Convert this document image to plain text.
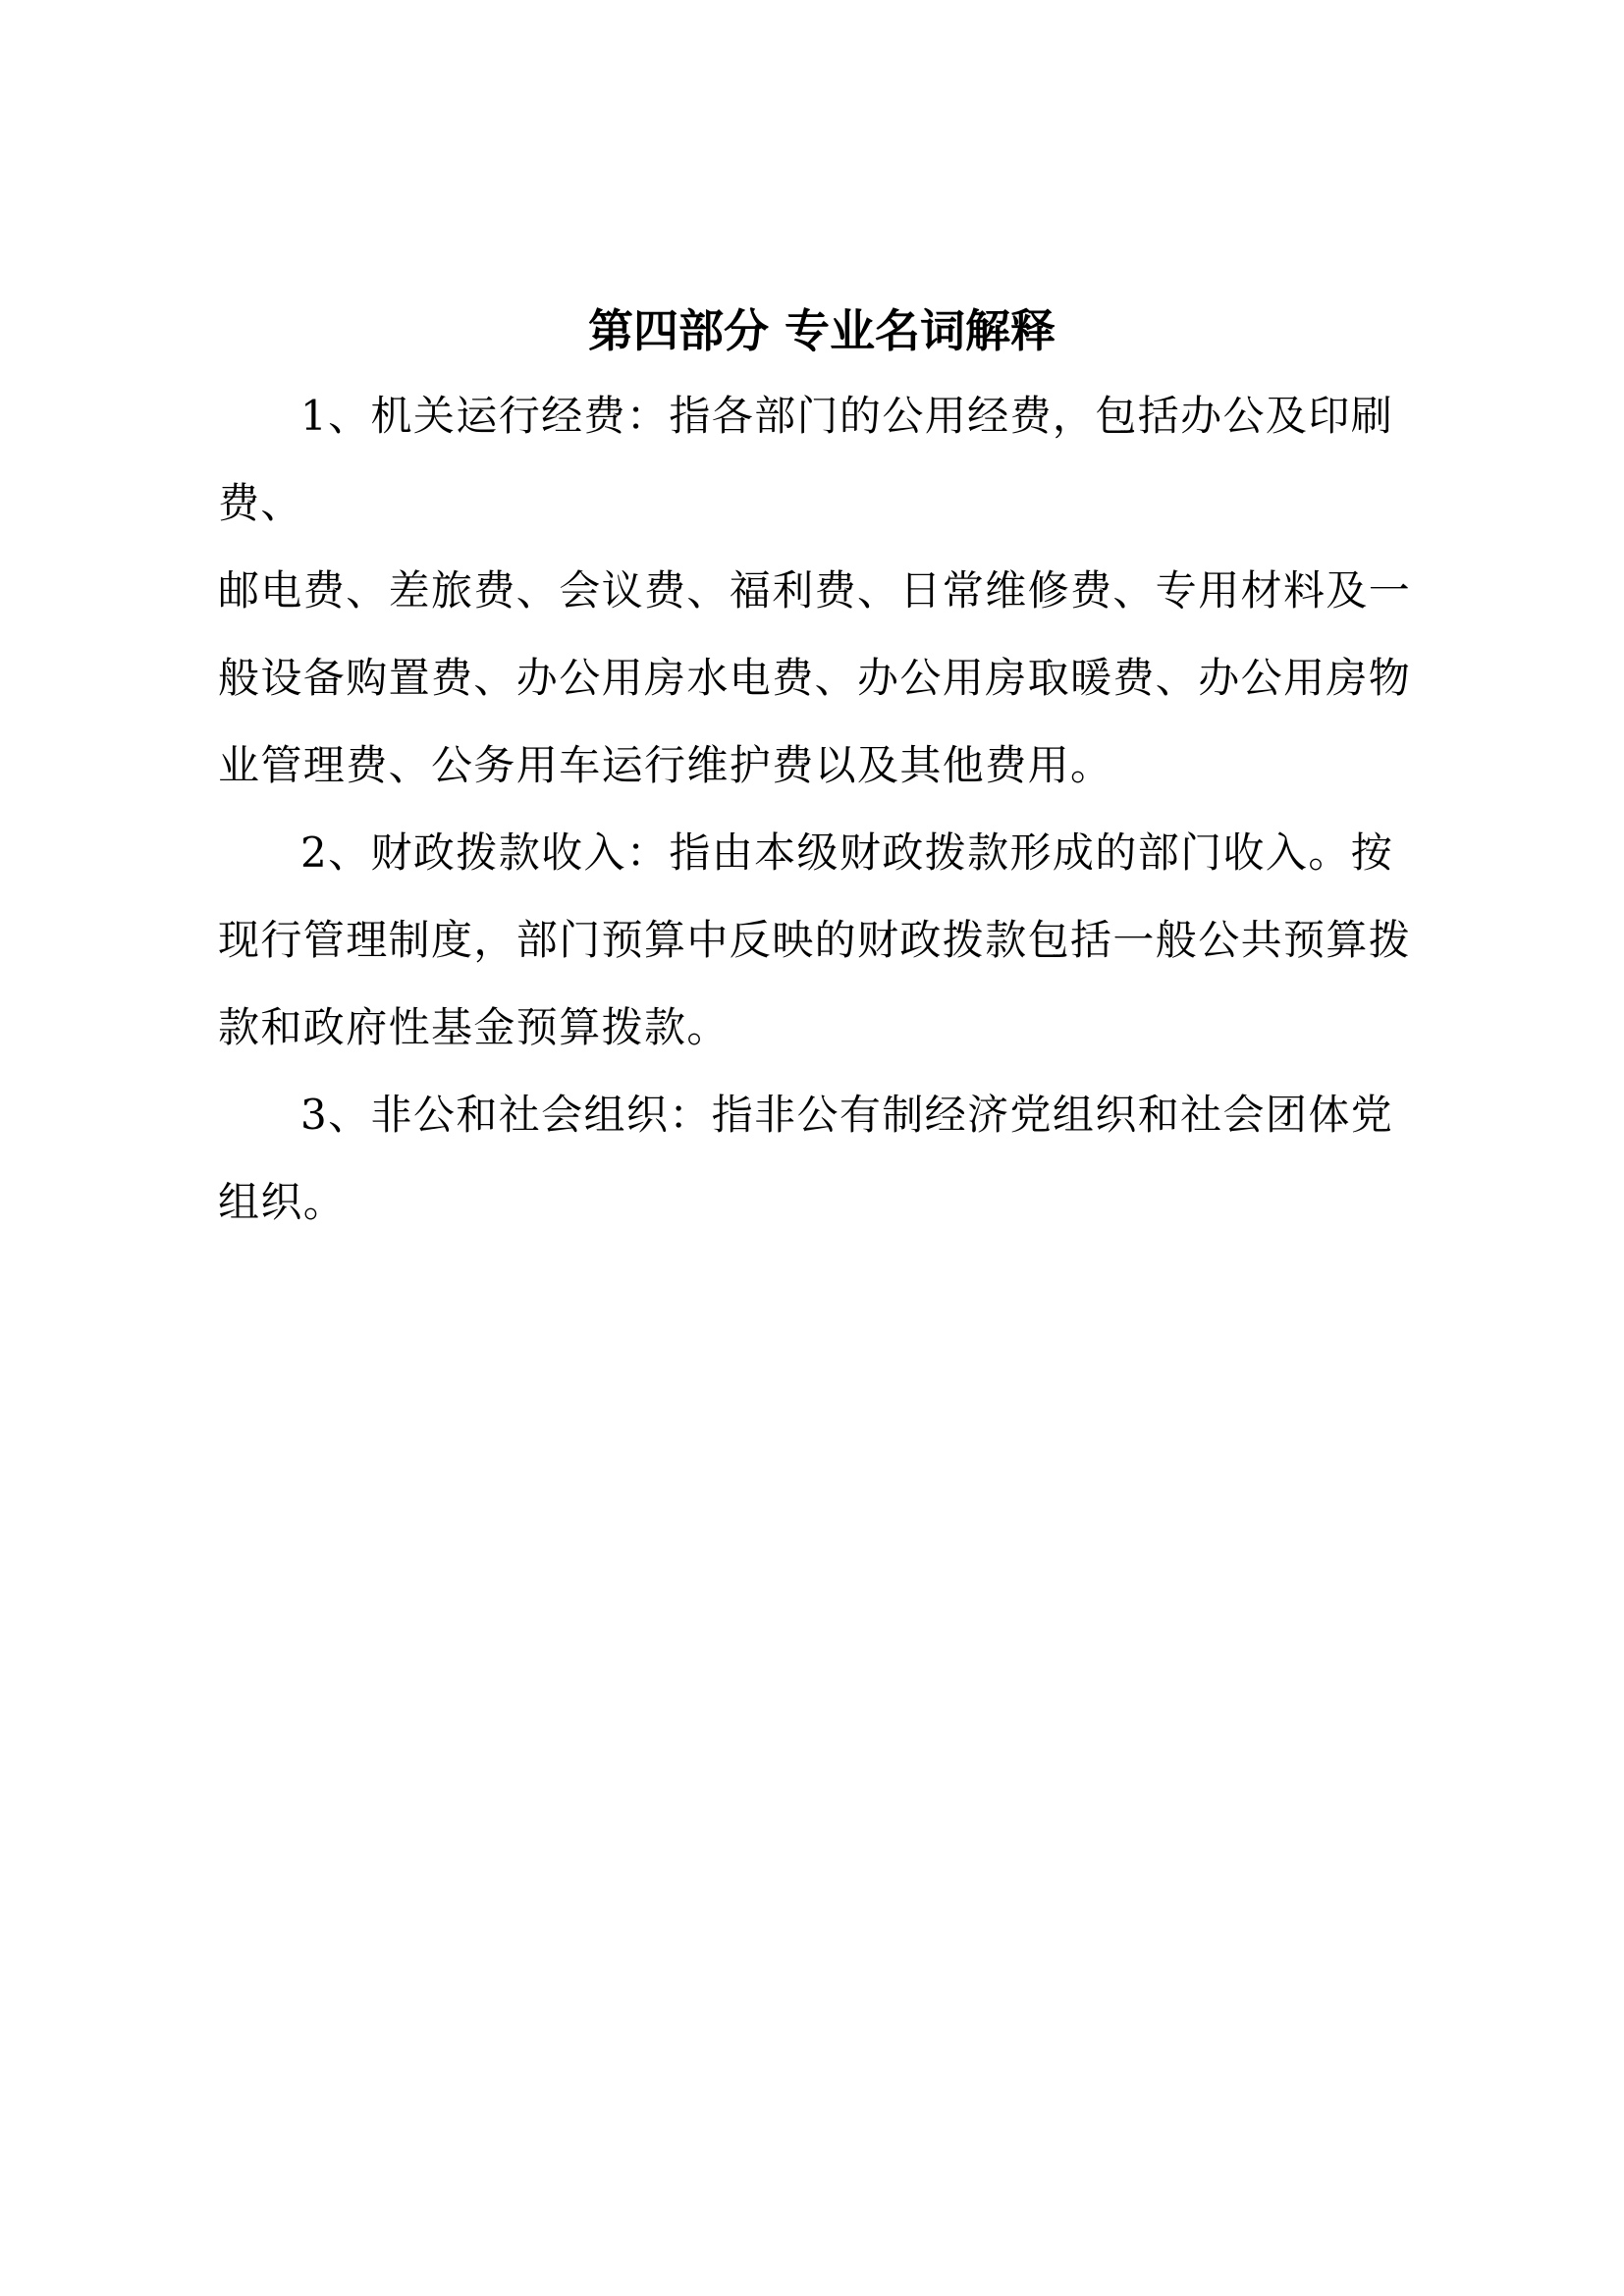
第四部分 专业名词解释
1、机关运行经费：指各部门的公用经费，包括办公及印刷
费、
邮电费、差旅费、会议费、福利费、日常维修费、专用材料及一
般设备购置费、办公用房水电费、办公用房取暖费、办公用房物
业管理费、公务用车运行维护费以及其他费用。
2、财政拨款收入：指由本级财政拨款形成的部门收入。按
现行管理制度，部门预算中反映的财政拨款包括一般公共预算拨
款和政府性基金预算拨款。
3、非公和社会组织：指非公有制经济党组织和社会团体党
组织。
